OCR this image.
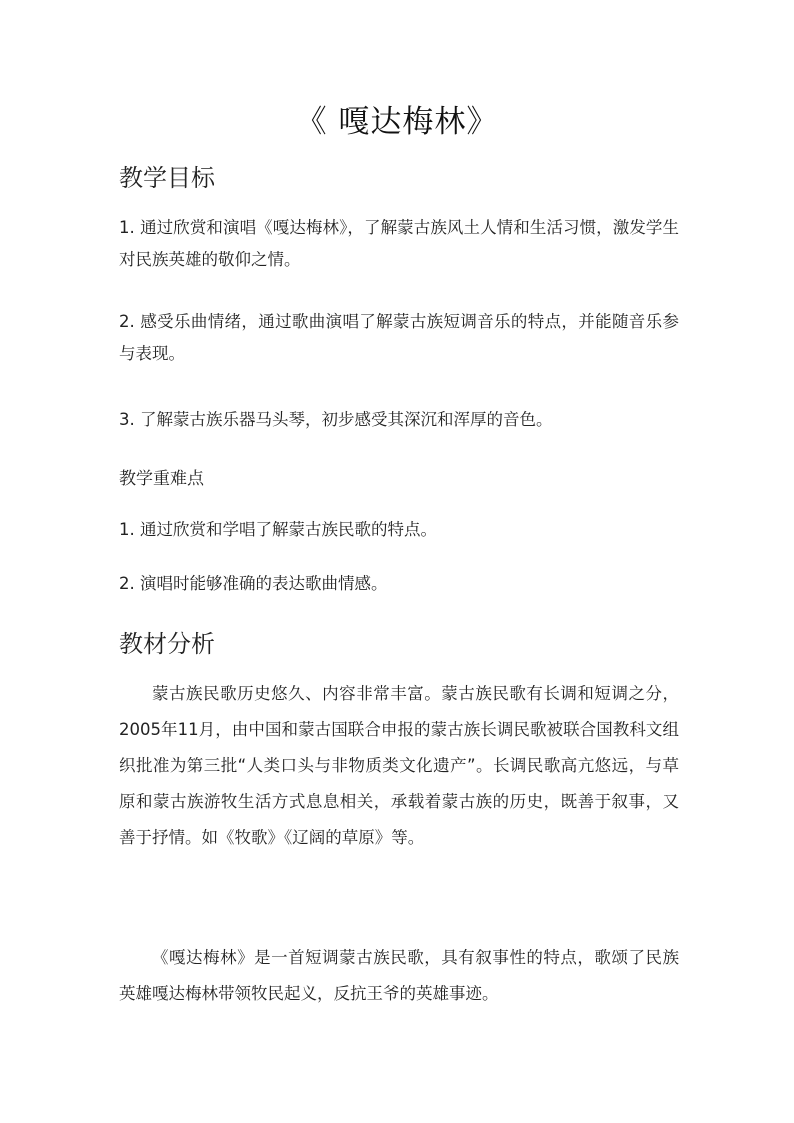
《 嘎达梅林》
教学目标
1. 通过欣赏和演唱《嘎达梅林》，了解蒙古族风土人情和生活习惯，激发学生对民族英雄的敬仰之情。
2. 感受乐曲情绪，通过歌曲演唱了解蒙古族短调音乐的特点，并能随音乐参与表现。
3. 了解蒙古族乐器马头琴，初步感受其深沉和浑厚的音色。
教学重难点
1. 通过欣赏和学唱了解蒙古族民歌的特点。
2. 演唱时能够准确的表达歌曲情感。
教材分析
蒙古族民歌历史悠久、内容非常丰富。蒙古族民歌有长调和短调之分，2005年11月，由中国和蒙古国联合申报的蒙古族长调民歌被联合国教科文组织批准为第三批“人类口头与非物质类文化遗产”。长调民歌高亢悠远，与草原和蒙古族游牧生活方式息息相关，承载着蒙古族的历史，既善于叙事，又善于抒情。如《牧歌》《辽阔的草原》等。
《嘎达梅林》是一首短调蒙古族民歌，具有叙事性的特点，歌颂了民族英雄嘎达梅林带领牧民起义，反抗王爷的英雄事迹。
